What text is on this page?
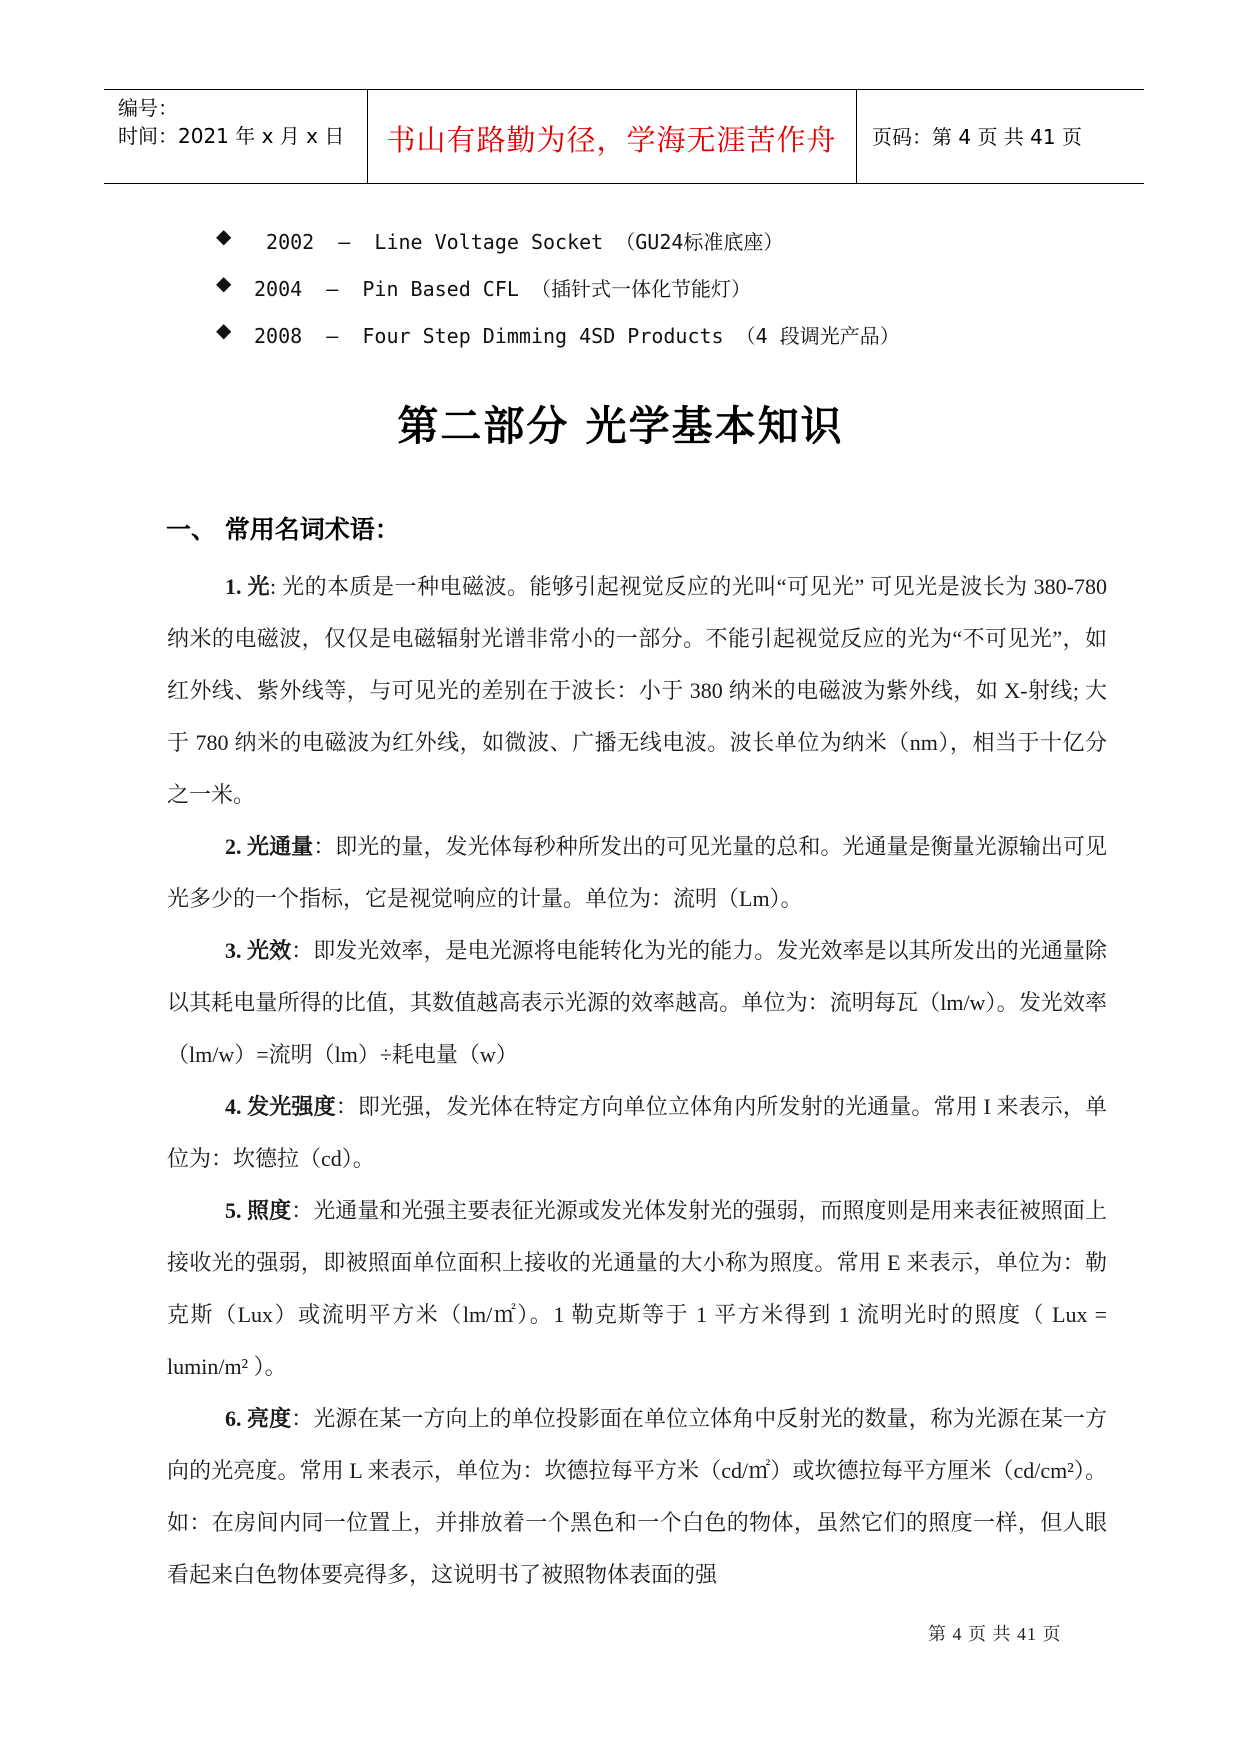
编号：
时间：2021 年 x 月 x 日	书山有路勤为径，学海无涯苦作舟	页码：第 4 页 共 41 页

◆

2002  –  Line Voltage Socket （GU24标准底座）

◆

2004  –  Pin Based CFL （插针式一体化节能灯）

◆

2008  –  Four Step Dimming 4SD Products （4 段调光产品）

第二部分 光学基本知识
一、 常用名词术语：

1. 光: 光的本质是一种电磁波。能够引起视觉反应的光叫“可见光” 可见光是波长为 380-780 纳米的电磁波，仅仅是电磁辐射光谱非常小的一部分。不能引起视觉反应的光为“不可见光”，如红外线、紫外线等，与可见光的差别在于波长：小于 380 纳米的电磁波为紫外线，如 X-射线; 大于 780 纳米的电磁波为红外线，如微波、广播无线电波。波长单位为纳米（nm），相当于十亿分之一米。

2. 光通量：即光的量，发光体每秒种所发出的可见光量的总和。光通量是衡量光源输出可见光多少的一个指标，它是视觉响应的计量。单位为：流明（Lm）。

3. 光效：即发光效率，是电光源将电能转化为光的能力。发光效率是以其所发出的光通量除以其耗电量所得的比值，其数值越高表示光源的效率越高。单位为：流明每瓦（lm/w）。发光效率（lm/w）=流明（lm）÷耗电量（w）

4. 发光强度：即光强，发光体在特定方向单位立体角内所发射的光通量。常用 I 来表示，单位为：坎德拉（cd）。

5. 照度：光通量和光强主要表征光源或发光体发射光的强弱，而照度则是用来表征被照面上接收光的强弱，即被照面单位面积上接收的光通量的大小称为照度。常用 E 来表示，单位为：勒克斯（Lux）或流明平方米（lm/㎡）。1 勒克斯等于 1 平方米得到 1 流明光时的照度（ Lux = lumin/m² ）。

6. 亮度：光源在某一方向上的单位投影面在单位立体角中反射光的数量，称为光源在某一方向的光亮度。常用 L 来表示，单位为：坎德拉每平方米（cd/㎡）或坎德拉每平方厘米（cd/cm²）。如：在房间内同一位置上，并排放着一个黑色和一个白色的物体，虽然它们的照度一样，但人眼看起来白色物体要亮得多，这说明书了被照物体表面的强

第 4 页 共 41 页
